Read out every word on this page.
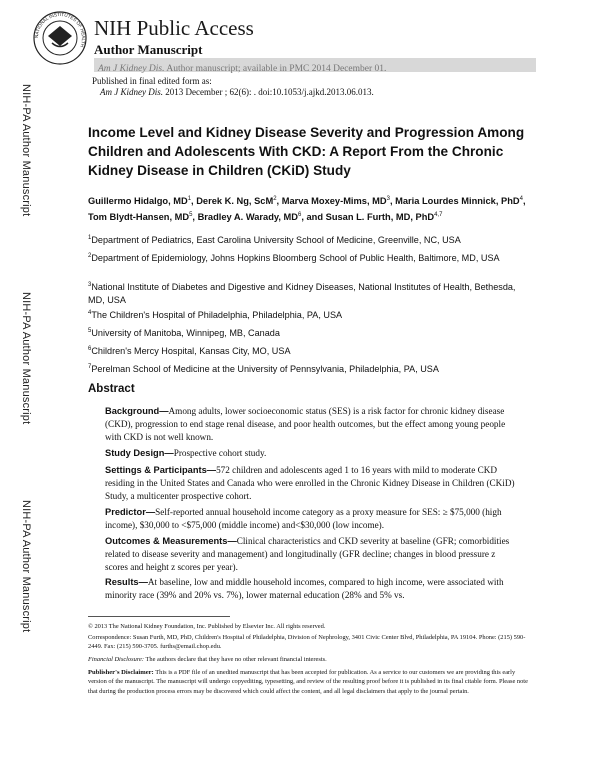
NATIONAL INSTITUTES OF HEALTH
NIH Public Access
Author Manuscript
Am J Kidney Dis. Author manuscript; available in PMC 2014 December 01.
Published in final edited form as:
Am J Kidney Dis. 2013 December ; 62(6): . doi:10.1053/j.ajkd.2013.06.013.
NIH-PA Author Manuscript
NIH-PA Author Manuscript
NIH-PA Author Manuscript
Income Level and Kidney Disease Severity and Progression Among Children and Adolescents With CKD: A Report From the Chronic Kidney Disease in Children (CKiD) Study
Guillermo Hidalgo, $MD^1$, Derek K. Ng, ScM$^2$, Marva Moxey-Mims, $MD^3$, Maria Lourdes Minnick, PhD$^4$, Tom Blydt-Hansen, $MD^5$, Bradley A. Warady, $MD^6$, and Susan L. Furth, MD, PhD$^{4,7}$
$^1$Department of Pediatrics, East Carolina University School of Medicine, Greenville, NC, USA
$^2$Department of Epidemiology, Johns Hopkins Bloomberg School of Public Health, Baltimore, MD, USA
$^3$National Institute of Diabetes and Digestive and Kidney Diseases, National Institutes of Health, Bethesda, MD, USA
$^4$The Children's Hospital of Philadelphia, Philadelphia, PA, USA
$^5$University of Manitoba, Winnipeg, MB, Canada
$^6$Children's Mercy Hospital, Kansas City, MO, USA
$^7$Perelman School of Medicine at the University of Pennsylvania, Philadelphia, PA, USA
Abstract
Background—Among adults, lower socioeconomic status (SES) is a risk factor for chronic kidney disease (CKD), progression to end stage renal disease, and poor health outcomes, but the effect among young people with CKD is not well known.
Study Design—Prospective cohort study.
Settings & Participants—572 children and adolescents aged 1 to 16 years with mild to moderate CKD residing in the United States and Canada who were enrolled in the Chronic Kidney Disease in Children (CKiD) Study, a multicenter prospective cohort.
Predictor—Self-reported annual household income category as a proxy measure for SES: ≥ $75,000 (high income), $30,000 to <$75,000 (middle income) and<$30,000 (low income).
Outcomes & Measurements—Clinical characteristics and CKD severity at baseline (GFR; comorbidities related to disease severity and management) and longitudinally (GFR decline; changes in blood pressure z scores and height z scores per year).
Results—At baseline, low and middle household incomes, compared to high income, were associated with minority race (39% and 20% vs. 7%), lower maternal education (28% and 5% vs.
© 2013 The National Kidney Foundation, Inc. Published by Elsevier Inc. All rights reserved.
Correspondence: Susan Furth, MD, PhD, Children's Hospital of Philadelphia, Division of Nephrology, 3401 Civic Center Blvd, Philadelphia, PA 19104. Phone: (215) 590-2449. Fax: (215) 590-3705. furths@email.chop.edu.
Financial Disclosure: The authors declare that they have no other relevant financial interests.
Publisher's Disclaimer: This is a PDF file of an unedited manuscript that has been accepted for publication. As a service to our customers we are providing this early version of the manuscript. The manuscript will undergo copyediting, typesetting, and review of the resulting proof before it is published in its final citable form. Please note that during the production process errors may be discovered which could affect the content, and all legal disclaimers that apply to the journal pertain.
